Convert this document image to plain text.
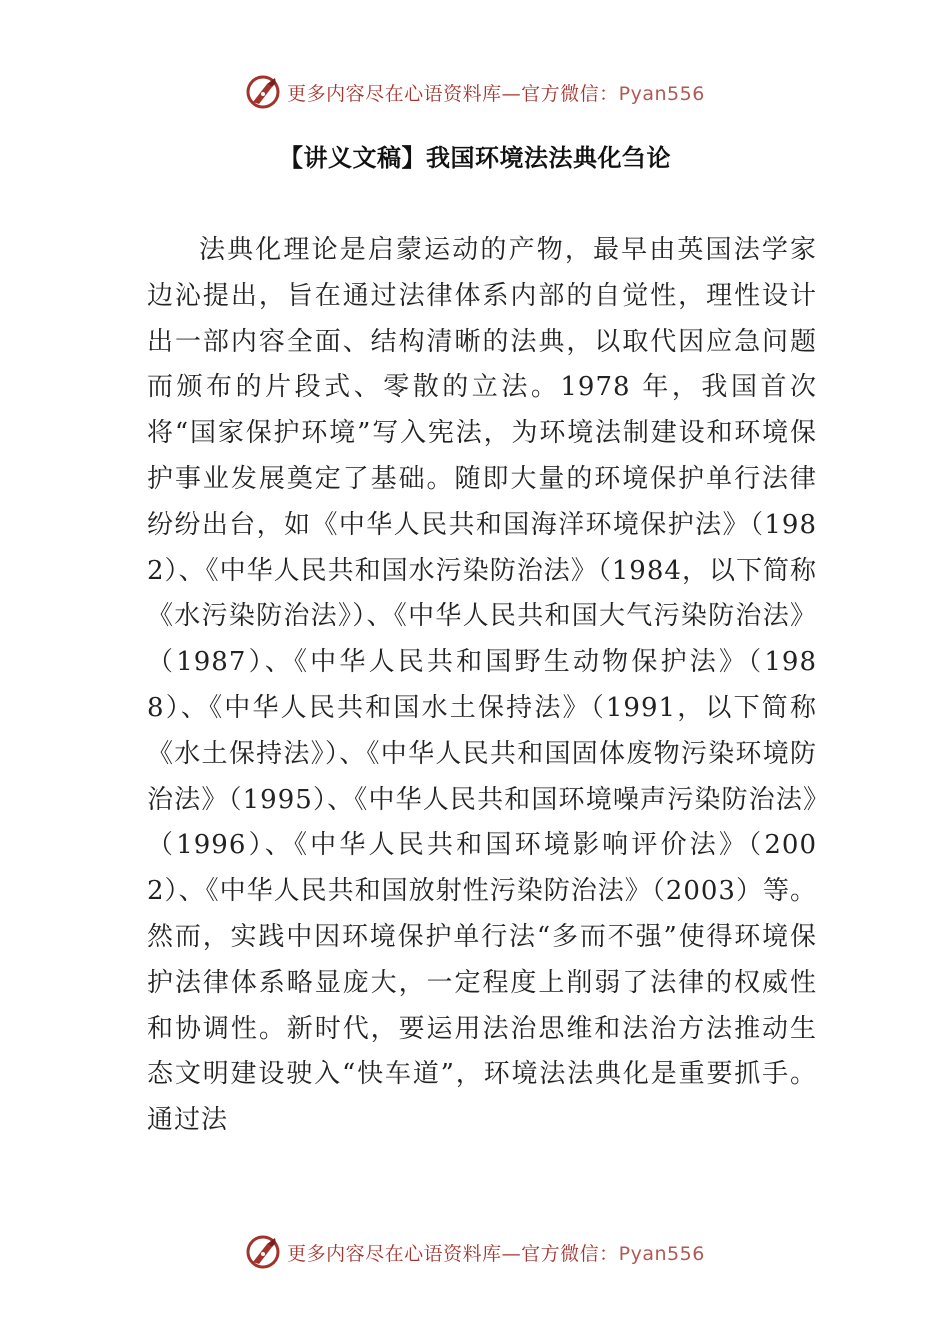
更多内容尽在心语资料库—官方微信：Pyan556
【讲义文稿】我国环境法法典化刍论

法典化理论是启蒙运动的产物，最早由英国法学家边沁提出，旨在通过法律体系内部的自觉性，理性设计出一部内容全面、结构清晰的法典，以取代因应急问题而颁布的片段式、零散的立法。1978 年，我国首次将“国家保护环境”写入宪法，为环境法制建设和环境保护事业发展奠定了基础。随即大量的环境保护单行法律纷纷出台，如《中华人民共和国海洋环境保护法》（1982）、《中华人民共和国水污染防治法》（1984，以下简称《水污染防治法》）、《中华人民共和国大气污染防治法》（1987）、《中华人民共和国野生动物保护法》（1988）、《中华人民共和国水土保持法》（1991，以下简称《水土保持法》）、《中华人民共和国固体废物污染环境防治法》（1995）、《中华人民共和国环境噪声污染防治法》（1996）、《中华人民共和国环境影响评价法》（2002）、《中华人民共和国放射性污染防治法》（2003）等。然而，实践中因环境保护单行法“多而不强”使得环境保护法律体系略显庞大，一定程度上削弱了法律的权威性和协调性。新时代，要运用法治思维和法治方法推动生态文明建设驶入“快车道”，环境法法典化是重要抓手。通过法

更多内容尽在心语资料库—官方微信：Pyan556
